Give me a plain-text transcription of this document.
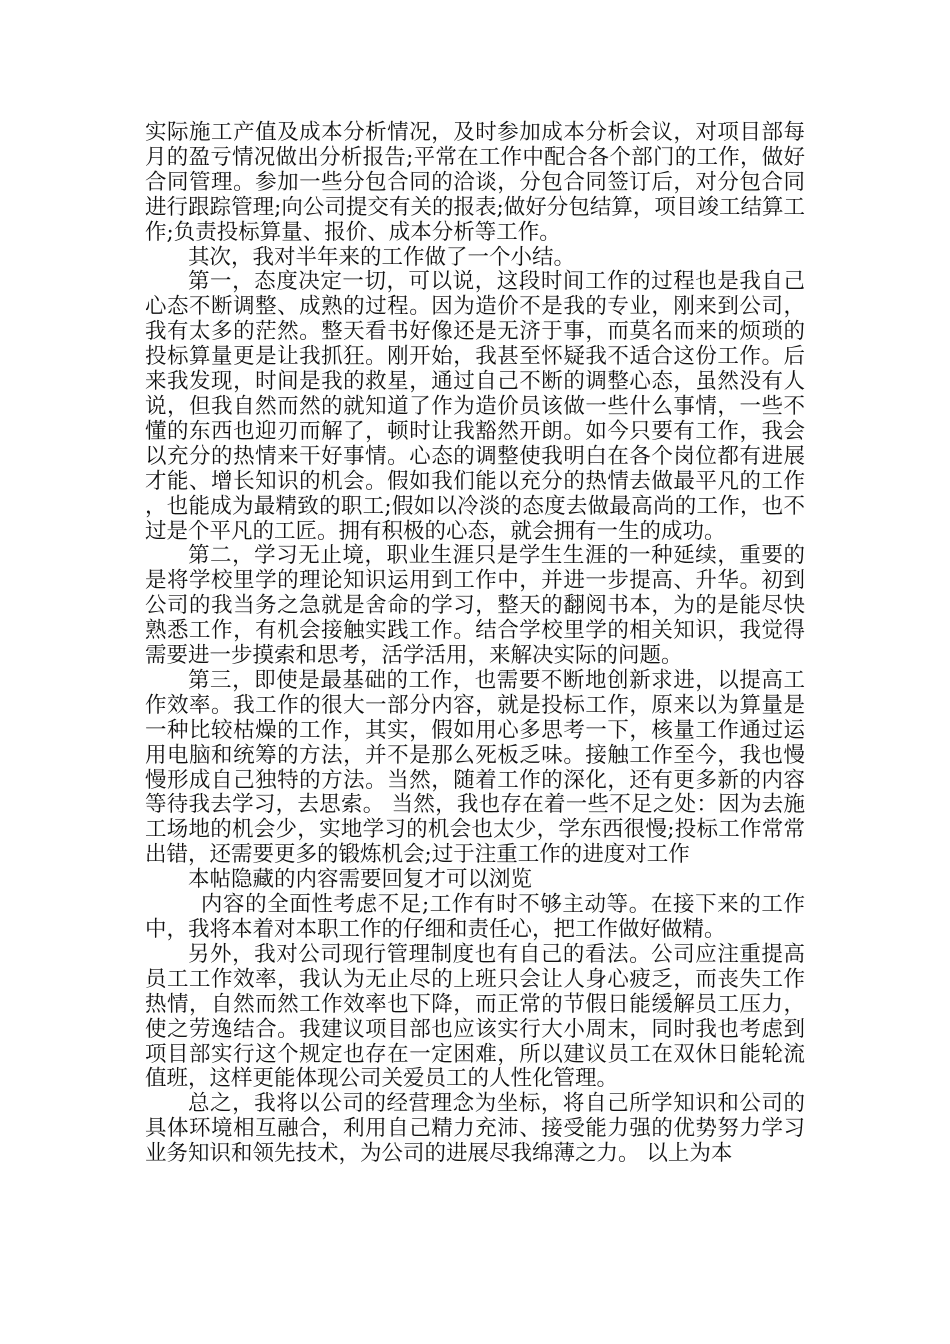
实际施工产值及成本分析情况，及时参加成本分析会议，对项目部每月的盈亏情况做出分析报告;平常在工作中配合各个部门的工作，做好合同管理。参加一些分包合同的洽谈，分包合同签订后，对分包合同进行跟踪管理;向公司提交有关的报表;做好分包结算，项目竣工结算工作;负责投标算量、报价、成本分析等工作。

其次，我对半年来的工作做了一个小结。

第一，态度决定一切，可以说，这段时间工作的过程也是我自己心态不断调整、成熟的过程。因为造价不是我的专业，刚来到公司，我有太多的茫然。整天看书好像还是无济于事，而莫名而来的烦琐的投标算量更是让我抓狂。刚开始，我甚至怀疑我不适合这份工作。后来我发现，时间是我的救星，通过自己不断的调整心态，虽然没有人说，但我自然而然的就知道了作为造价员该做一些什么事情，一些不懂的东西也迎刃而解了，顿时让我豁然开朗。如今只要有工作，我会以充分的热情来干好事情。心态的调整使我明白在各个岗位都有进展才能、增长知识的机会。假如我们能以充分的热情去做最平凡的工作，也能成为最精致的职工;假如以冷淡的态度去做最高尚的工作，也不过是个平凡的工匠。拥有积极的心态，就会拥有一生的成功。

第二，学习无止境，职业生涯只是学生生涯的一种延续，重要的是将学校里学的理论知识运用到工作中，并进一步提高、升华。初到公司的我当务之急就是舍命的学习，整天的翻阅书本，为的是能尽快熟悉工作，有机会接触实践工作。结合学校里学的相关知识，我觉得需要进一步摸索和思考，活学活用，来解决实际的问题。

第三，即使是最基础的工作，也需要不断地创新求进，以提高工作效率。我工作的很大一部分内容，就是投标工作，原来以为算量是一种比较枯燥的工作，其实，假如用心多思考一下，核量工作通过运用电脑和统筹的方法，并不是那么死板乏味。接触工作至今，我也慢慢形成自己独特的方法。当然，随着工作的深化，还有更多新的内容等待我去学习，去思索。 当然，我也存在着一些不足之处：因为去施工场地的机会少，实地学习的机会也太少，学东西很慢;投标工作常常出错，还需要更多的锻炼机会;过于注重工作的进度对工作

本帖隐藏的内容需要回复才可以浏览

内容的全面性考虑不足;工作有时不够主动等。在接下来的工作中，我将本着对本职工作的仔细和责任心，把工作做好做精。

另外，我对公司现行管理制度也有自己的看法。公司应注重提高员工工作效率，我认为无止尽的上班只会让人身心疲乏，而丧失工作热情，自然而然工作效率也下降，而正常的节假日能缓解员工压力，使之劳逸结合。我建议项目部也应该实行大小周末，同时我也考虑到项目部实行这个规定也存在一定困难，所以建议员工在双休日能轮流值班，这样更能体现公司关爱员工的人性化管理。

总之，我将以公司的经营理念为坐标，将自己所学知识和公司的具体环境相互融合，利用自己精力充沛、接受能力强的优势努力学习业务知识和领先技术，为公司的进展尽我绵薄之力。 以上为本
